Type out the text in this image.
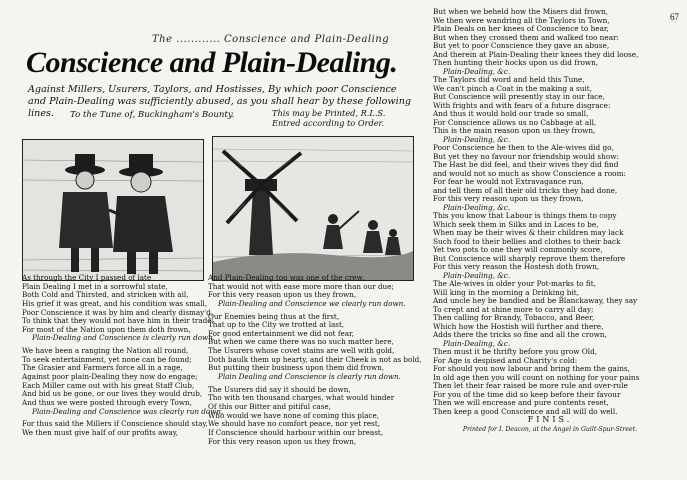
67
The ............ Conscience and Plain-Dealing
Conscience and Plain-Dealing.
Against Millers, Usurers, Taylors, and Hostisses, By which poor Conscience and Plain-Dealing was sufficiently abused, as you shall hear by these following lines.	To the Tune of, Buckingham's Bounty.	This may be Printed, R.L.S. Entred according to Order.
As through the City I passed of late
Plain Dealing I met in a sorrowful state,
Both Cold and Thirsted, and stricken with ail,
His grief it was great, and his condition was small,
Poor Conscience it was by him and clearly dismay'd,
To think that they would not have him in their trade;
For most of the Nation upon them doth frown,
Plain-Dealing and Conscience is clearly run down.
We have been a ranging the Nation all round,
To seek entertainment, yet none can be found;
The Grasier and Farmers force all in a rage,
Against poor plain-Dealing they now do engage;
Each Miller came out with his great Staff Club,
And bid us be gone, or our lives they would drub,
And thus we were posted through every Town,
Plain-Dealing and Conscience was clearly run down.
For thus said the Millers if Conscience should stay,
We then must give half of our profits away,
And Plain-Dealing too was one of the crew,
That would not with ease more more than our due;
For this very reason upon us they frown,
Plain-Dealing and Conscience we clearly run down.
Our Enemies being thus at the first,
That up to the City we trotted at last,
For good entertainment we did not fear,
But when we came there was no such matter here,
The Usurers whose covet stains are well with gold,
Doth baulk them up hearty, and their Cheek is not as bold,
But putting their business upon them did frown,
Plain Dealing and Conscience is clearly run down.
The Usurers did say it should be down,
Tho with ten thousand charges, what would hinder
Of this our Bitter and pitiful case,
Who would we have none of coming this place,
We should have no comfort peace, nor yet rest,
If Conscience should harbour within our breast,
For this very reason upon us they frown,
But when we beheld how the Misers did frown,
We then were wandring all the Taylors in Town,
Plain Deals on her knees of Conscience to hear,
But when they crossed them and walked too near:
But yet to poor Conscience they gave an abuse,
And therein at Plain-Dealing their knees they did loose,
Then hunting their hocks upon us did frown,
Plain-Dealing, &c.
The Taylors did word and held this Tune,
We can't pinch a Coat in the making a suit,
But Conscience will presently stay in our face,
With frights and with fears of a future disgrace:
And thus it would hold our trade so small,
For Conscience allows us no Cabbage at all,
This is the main reason upon us they frown,
Plain-Dealing, &c.
Poor Conscience he then to the Ale-wives did go,
But yet they no favour nor friendship would show:
The Hast be did feel, and their wives they did find
and would not so much as show Conscience a room:
For fear he would not Extravagance run,
and tell them of all their old tricks they had done,
For this very reason upon us they frown,
Plain-Dealing, &c.
This you know that Labour is things them to copy
Which seek them in Silks and in Laces to be,
When may be their wives & their children may lack
Such food to their bellies and clothes to their back
Yet two pots to one they will commonly score,
But Conscience will sharply reprove them therefore
For this very reason the Hostesh doth frown,
Plain-Dealing, &c.
The Ale-wives in older your Pot-marks to fit,
Will king in the morning a Drinking bit,
And uncle hey be bandied and be Blanckaway, they say
To crept and at shine more to carry all day;
Then calling for Brandy, Tobacco, and Beer,
Which how the Hostish will further and there,
Adds there the tricks so fine and all the crown,
Plain-Dealing, &c.
Then must it be thrifty before you grow Old,
For Age is despised and Charity's cold:
For should you now labour and bring them the gains,
In old age then you will count on nothing for your pains
Then let their fear raised be more rule and over-rule
For you of the time did so keep before their favour
Then we will encrease and pure contents reset,
Then keep a good Conscience and all will do well.
FINIS.
Printed for I. Deacon, at the Angel in Guilt-Spur-Street.
